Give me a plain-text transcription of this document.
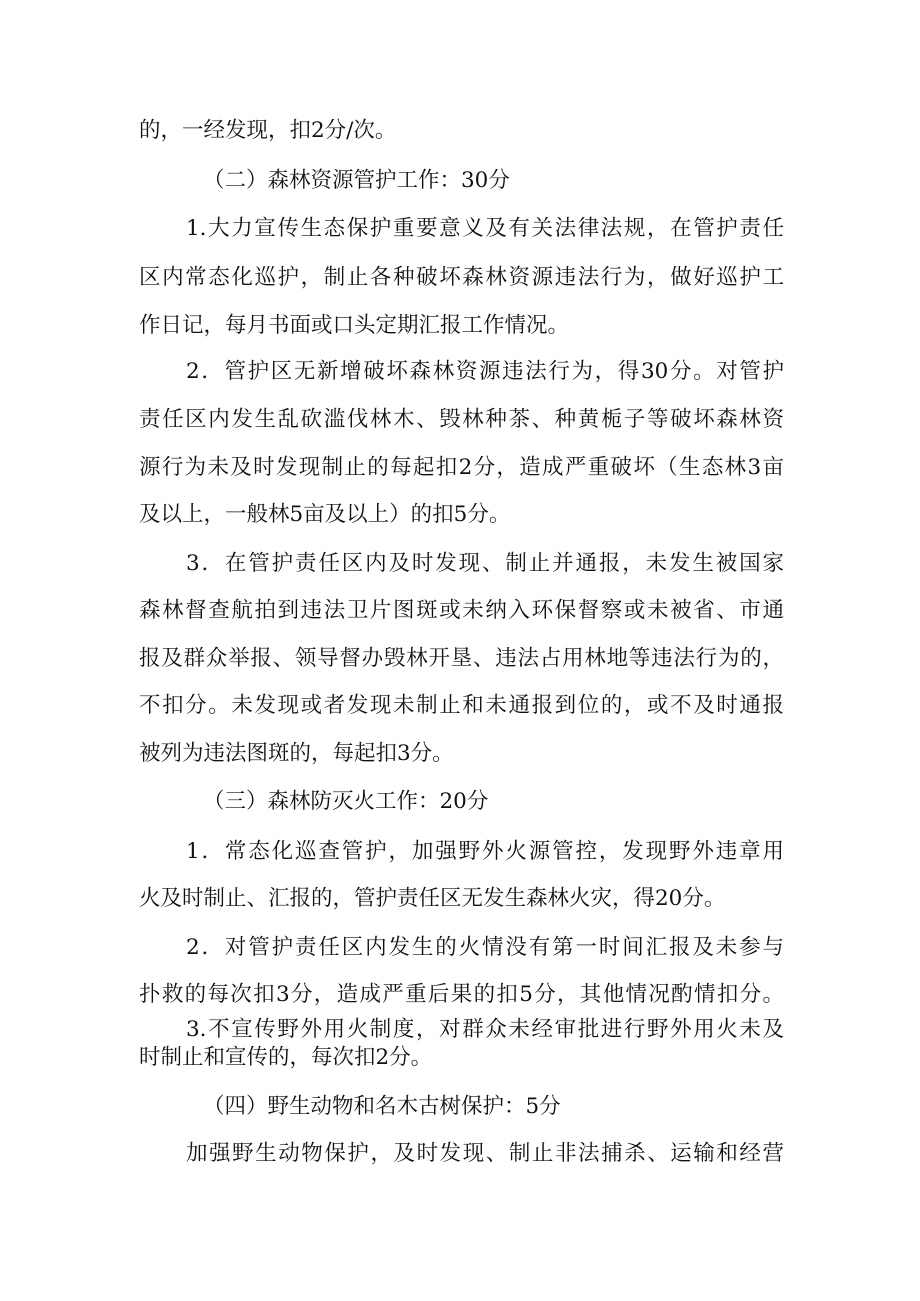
的，一经发现，扣2分/次。

（二）森林资源管护工作：30分

1.大力宣传生态保护重要意义及有关法律法规，在管护责任

区内常态化巡护，制止各种破坏森林资源违法行为，做好巡护工

作日记，每月书面或口头定期汇报工作情况。

2．管护区无新增破坏森林资源违法行为，得30分。对管护

责任区内发生乱砍滥伐林木、毁林种茶、种黄栀子等破坏森林资

源行为未及时发现制止的每起扣2分，造成严重破坏（生态林3亩

及以上，一般林5亩及以上）的扣5分。

3．在管护责任区内及时发现、制止并通报，未发生被国家

森林督查航拍到违法卫片图斑或未纳入环保督察或未被省、市通

报及群众举报、领导督办毁林开垦、违法占用林地等违法行为的，

不扣分。未发现或者发现未制止和未通报到位的，或不及时通报

被列为违法图斑的，每起扣3分。

（三）森林防灭火工作：20分

1．常态化巡查管护，加强野外火源管控，发现野外违章用

火及时制止、汇报的，管护责任区无发生森林火灾，得20分。

2．对管护责任区内发生的火情没有第一时间汇报及未参与

扑救的每次扣3分，造成严重后果的扣5分，其他情况酌情扣分。

3.不宣传野外用火制度，对群众未经审批进行野外用火未及

时制止和宣传的，每次扣2分。

（四）野生动物和名木古树保护：5分

加强野生动物保护，及时发现、制止非法捕杀、运输和经营
